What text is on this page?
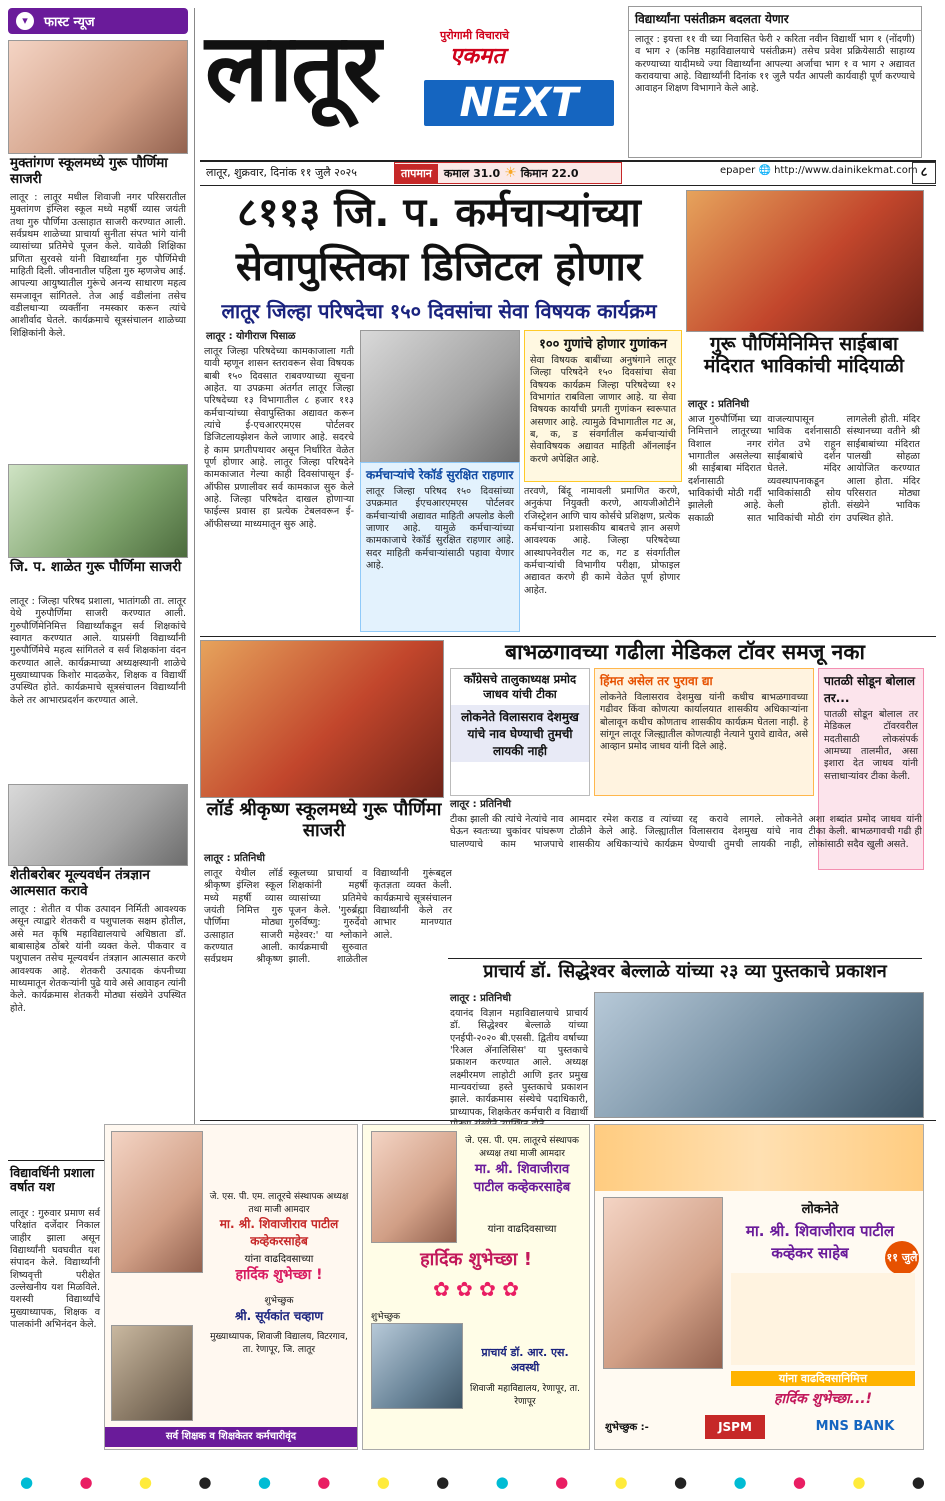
▾	फास्ट न्यूज
मुक्तांगण स्कूलमध्ये गुरू पौर्णिमा साजरी
लातूर : लातूर मधील शिवाजी नगर परिसरातील मुक्तांगण इंग्लिश स्कूल मध्ये महर्षी व्यास जयंती तथा गुरु पौर्णिमा उत्साहात साजरी करण्यात आली. सर्वप्रथम शाळेच्या प्राचार्या सुनीता संपत भांगे यांनी व्यासांच्या प्रतिमेचे पूजन केले. यावेळी शिक्षिका प्रणिता सुरवसे यांनी विद्यार्थ्यांना गुरु पौर्णिमेची माहिती दिली. जीवनातील पहिला गुरु म्हणजेच आई. आपल्या आयुष्यातील गुरूंचे अनन्य साधारण महत्व समजावून सांगितले. तेज आई वडीलांना तसेच वडीलधाऱ्या व्यक्तींना नमस्कार करून त्यांचे आशीर्वाद घेतले. कार्यक्रमाचे सूत्रसंचालन शाळेच्या शिक्षिकांनी केले.
जि. प. शाळेत गुरू पौर्णिमा साजरी
लातूर : जिल्हा परिषद प्रशाला, भातांगळी ता. लातूर येथे गुरुपौर्णिमा साजरी करण्यात आली. गुरुपौर्णिमेनिमित्त विद्यार्थ्यांकडून सर्व शिक्षकांचे स्वागत करण्यात आले. याप्रसंगी विद्यार्थ्यांनी गुरुपौर्णिमेचे महत्व सांगितले व सर्व शिक्षकांना वंदन करण्यात आले. कार्यक्रमाच्या अध्यक्षस्थानी शाळेचे मुख्याध्यापक किशोर मादळकेर, शिक्षक व विद्यार्थी उपस्थित होते. कार्यक्रमाचे सूत्रसंचालन विद्यार्थ्यांनी केले तर आभारप्रदर्शन करण्यात आले.
शेतीबरोबर मूल्यवर्धन तंत्रज्ञान आत्मसात करावे
लातूर : शेतीत व पीक उत्पादन निर्मिती आवश्यक असून त्याद्वारे शेतकरी व पशुपालक सक्षम होतील, असे मत कृषि महाविद्यालयाचे अधिष्ठाता डॉ. बाबासाहेब ठोंबरे यांनी व्यक्त केले. पीकवार व पशुपालन तसेच मूल्यवर्धन तंत्रज्ञान आत्मसात करणे आवश्यक आहे. शेतकरी उत्पादक कंपनीच्या माध्यमातून शेतकऱ्यांनी पुढे यावे असे आवाहन त्यांनी केले. कार्यक्रमास शेतकरी मोठ्या संख्येने उपस्थित होते.
विद्यावर्धिनी प्रशाला वर्षात यश
लातूर : गुरुवार प्रमाण सर्व परिक्षांत दर्जेदार निकाल जाहीर झाला असून विद्यार्थ्यांनी घवघवीत यश संपादन केले. विद्यार्थ्यांनी शिष्यवृत्ती परीक्षेत उल्लेखनीय यश मिळविले. यशस्वी विद्यार्थ्यांचे मुख्याध्यापक, शिक्षक व पालकांनी अभिनंदन केले.
लातूर	पुरोगामी विचाराचे
एकमत
NEXT
विद्यार्थ्यांना पसंतीक्रम बदलता येणार
लातूर : इयत्ता ११ वी च्या निवासित फेरी २ करिता नवीन विद्यार्थी भाग १ (नोंदणी) व भाग २ (कनिष्ठ महाविद्यालयाचे पसंतीक्रम) तसेच प्रवेश प्रक्रियेसाठी साहाय्य करण्याच्या यादीमध्ये ज्या विद्यार्थ्यांना आपल्या अर्जाचा भाग १ व भाग २ अद्यावत करावयाचा आहे. विद्यार्थ्यांनी दिनांक ११ जुलै पर्यंत आपली कार्यवाही पूर्ण करण्याचे आवाहन शिक्षण विभागाने केले आहे.
लातूर, शुक्रवार, दिनांक ११ जुलै २०२५	तापमान	कमाल 31.0 ☀ किमान 22.0	epaper 🌐 http://www.dainikekmat.com ८
८११३ जि. प. कर्मचाऱ्यांच्या
सेवापुस्तिका डिजिटल होणार
लातूर जिल्हा परिषदेचा १५० दिवसांचा सेवा विषयक कार्यक्रम
लातूर : योगीराज पिसाळ
लातूर जिल्हा परिषदेच्या कामकाजाला गती यावी म्हणून शासन स्तरावरून सेवा विषयक बाबी १५० दिवसात राबवण्याच्या सूचना आहेत. या उपक्रमा अंतर्गत लातूर जिल्हा परिषदेच्या १३ विभागातील ८ हजार ११३ कर्मचाऱ्यांच्या सेवापुस्तिका अद्यावत करून त्यांचे ई-एचआरएमएस पोर्टलवर डिजिटलायझेशन केले जाणार आहे. सदरचे हे काम प्रगतीपथावर असून निर्धारित वेळेत पूर्ण होणार आहे. लातूर जिल्हा परिषदेने कामकाजात गेल्या काही दिवसांपासून ई-ऑफीस प्रणालीवर सर्व कामकाज सुरु केले आहे. जिल्हा परिषदेत दाखल होणाऱ्या फाईल्स प्रवास हा प्रत्येक टेबलवरून ई-ऑफीसच्या माध्यमातून सुरु आहे.
कर्मचाऱ्यांचे रेकॉर्ड सुरक्षित राहणार
लातूर जिल्हा परिषद १५० दिवसांच्या उपक्रमात ईएचआरएमएस पोर्टलवर कर्मचाऱ्यांची अद्यावत माहिती अपलोड केली जाणार आहे. यामुळे कर्मचाऱ्यांच्या कामकाजाचे रेकॉर्ड सुरक्षित राहणार आहे. सदर माहिती कर्मचाऱ्यांसाठी पहावा येणार आहे.
१०० गुणांचे होणार गुणांकन
सेवा विषयक बाबींच्या अनुषंगाने लातूर जिल्हा परिषदेने १५० दिवसांचा सेवा विषयक कार्यक्रम जिल्हा परिषदेच्या १२ विभागांत राबविला जाणार आहे. या सेवा विषयक कार्यांची प्रगती गुणांकन स्वरूपात असणार आहे. त्यामुळे विभागातील गट अ, ब, क, ड संवर्गातील कर्मचाऱ्यांची सेवाविषयक अद्यावत माहिती ऑनलाईन करणे अपेक्षित आहे.
तरवणे, बिंदू नामावली प्रमाणित करणे, अनुकंपा नियुक्ती करणे, आयजीओटीने रजिस्ट्रेशन आणि चाय कोर्सचे प्रशिक्षण, प्रत्येक कर्मचाऱ्यांना प्रशासकीय बाबतचे ज्ञान असणे आवश्यक आहे. जिल्हा परिषदेच्या आस्थापनेवरील गट क, गट ड संवर्गातील कर्मचाऱ्यांची विभागीय परीक्षा, प्रोफाइल अद्यावत करणे ही कामे वेळेत पूर्ण होणार आहेत.
गुरू पौर्णिमेनिमित्त साईबाबा मंदिरात भाविकांची मांदियाळी
लातूर : प्रतिनिधी
आज गुरुपौर्णिमा च्या निमित्ताने लातूरच्या विशाल नगर भागातील असलेल्या श्री साईबाबा मंदिरात दर्शनासाठी भाविकांची मोठी गर्दी झालेली आहे. सकाळी सात वाजल्यापासून भाविक दर्शनासाठी रांगेत उभे राहून साईबाबांचे दर्शन घेतले. मंदिर व्यवस्थापनाकडून भाविकांसाठी सोय केली होती. भाविकांची मोठी रांग लागलेली होती. मंदिर संस्थानच्या वतीने श्री साईबाबांच्या मंदिरात पालखी सोहळा आयोजित करण्यात आला होता. मंदिर परिसरात मोठ्या संख्येने भाविक उपस्थित होते.
लॉर्ड श्रीकृष्ण स्कूलमध्ये गुरू पौर्णिमा साजरी
लातूर : प्रतिनिधी
लातूर येथील लॉर्ड श्रीकृष्ण इंग्लिश स्कूल मध्ये महर्षी व्यास जयंती निमित्त गुरु पौर्णिमा मोठ्या उत्साहात साजरी करण्यात आली. सर्वप्रथम श्रीकृष्ण स्कूलच्या प्राचार्या व शिक्षकांनी महर्षी व्यासांच्या प्रतिमेचे पूजन केले. 'गुरुर्ब्रह्मा गुरुर्विष्णु: गुरुर्देवो महेश्वर:' या श्लोकाने कार्यक्रमाची सुरुवात झाली. शाळेतील विद्यार्थ्यांनी गुरूंबद्दल कृतज्ञता व्यक्त केली. कार्यक्रमाचे सूत्रसंचालन विद्यार्थ्यांनी केले तर आभार मानण्यात आले.
बाभळगावच्या गढीला मेडिकल टॉवर समजू नका
काँग्रेसचे तालुकाध्यक्ष प्रमोद जाधव यांची टीका
लोकनेते विलासराव देशमुख यांचे नाव घेण्याची तुमची लायकी नाही
हिंमत असेल तर पुरावा द्या
लोकनेते विलासराव देशमुख यांनी कधीच बाभळगावच्या गढीवर किंवा कोणत्या कार्यालयात शासकीय अधिकाऱ्यांना बोलावून कधीच कोणताच शासकीय कार्यक्रम घेतला नाही. हे सांगून लातूर जिल्ह्यातील कोणत्याही नेत्याने पुरावे द्यावेत, असे आव्हान प्रमोद जाधव यांनी दिले आहे.
पातळी सोडून बोलाल तर...
पातळी सोडून बोलाल तर मेडिकल टॉवरवरील मदतीसाठी लोकसंपर्क आमच्या तालमीत, असा इशारा देत जाधव यांनी सत्ताधाऱ्यांवर टीका केली.
लातूर : प्रतिनिधी
टीका झाली की त्यांचे नेत्यांचे नाव घेऊन स्वतःच्या चुकांवर पांघरूण घालण्याचे काम भाजपाचे आमदार रमेश कराड व त्यांच्या टोळीने केले आहे. जिल्ह्यातील शासकीय अधिकाऱ्यांचे कार्यक्रम रद्द करावे लागले. लोकनेते विलासराव देशमुख यांचे नाव घेण्याची तुमची लायकी नाही, अशा शब्दांत प्रमोद जाधव यांनी टीका केली. बाभळगावची गढी ही लोकांसाठी सदैव खुली असते.
प्राचार्य डॉ. सिद्धेश्वर बेल्लाळे यांच्या २३ व्या पुस्तकाचे प्रकाशन
लातूर : प्रतिनिधी
दयानंद विज्ञान महाविद्यालयाचे प्राचार्य डॉ. सिद्धेश्वर बेल्लाळे यांच्या एनईपी-२०२० बी.एससी. द्वितीय वर्षाच्या 'रिअल ॲनालिसिस' या पुस्तकाचे प्रकाशन करण्यात आले. अध्यक्ष लक्ष्मीरमण लाहोटी आणि इतर प्रमुख मान्यवरांच्या हस्ते पुस्तकाचे प्रकाशन झाले. कार्यक्रमास संस्थेचे पदाधिकारी, प्राध्यापक, शिक्षकेतर कर्मचारी व विद्यार्थी
जे. एस. पी. एम. लातूरचे संस्थापक अध्यक्ष तथा माजी आमदार
मा. श्री. शिवाजीराव पाटील कव्हेकरसाहेब
यांना वाढदिवसाच्या
हार्दिक शुभेच्छा !
शुभेच्छुक
श्री. सूर्यकांत चव्हाण
मुख्याध्यापक, शिवाजी विद्यालय, विटरगाव, ता. रेणापूर, जि. लातूर
सर्व शिक्षक व शिक्षकेतर कर्मचारीवृंद
जे. एस. पी. एम. लातूरचे संस्थापक अध्यक्ष तथा माजी आमदार
मा. श्री. शिवाजीराव पाटील कव्हेकरसाहेब
यांना वाढदिवसाच्या
हार्दिक शुभेच्छा !
✿ ✿ ✿ ✿
शुभेच्छुक
प्राचार्य डॉ. आर. एस. अवस्थी
शिवाजी महाविद्यालय, रेणापूर, ता. रेणापूर
लोकनेते
मा. श्री. शिवाजीराव पाटील
कव्हेकर साहेब	११ जुलै
यांना वाढदिवसानिमित्त
हार्दिक शुभेच्छा...!
शुभेच्छुक :-	JSPM	MNS BANK
●	●	●	●	●	●	●	●	●	●	●	●	●	●	●	●
